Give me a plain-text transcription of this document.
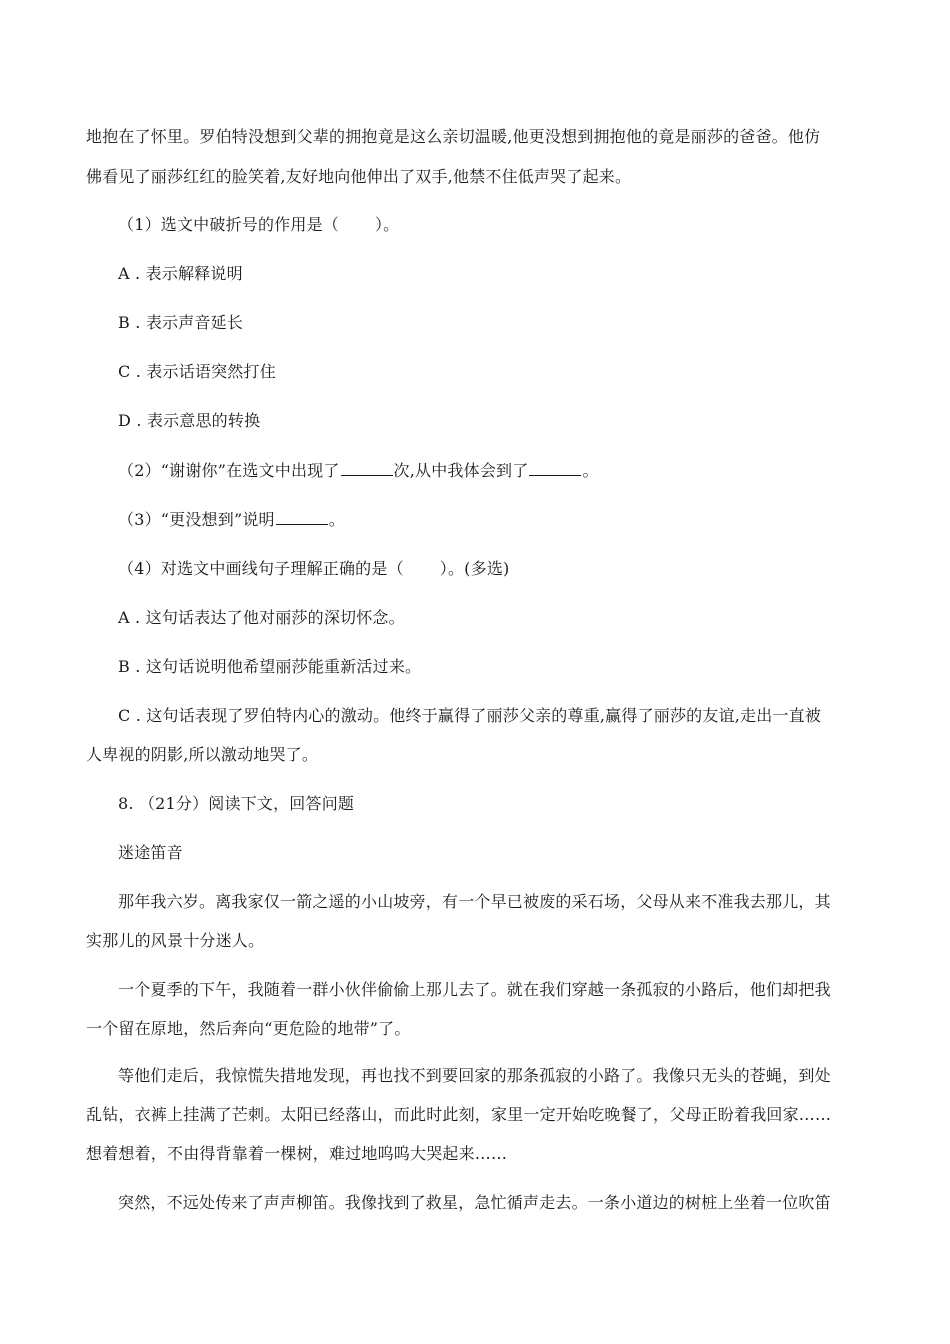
地抱在了怀里。罗伯特没想到父辈的拥抱竟是这么亲切温暖,他更没想到拥抱他的竟是丽莎的爸爸。他仿
佛看见了丽莎红红的脸笑着,友好地向他伸出了双手,他禁不住低声哭了起来。
（1）选文中破折号的作用是（ ）。
A . 表示解释说明
B . 表示声音延长
C . 表示话语突然打住
D . 表示意思的转换
（2）“谢谢你”在选文中出现了	次,从中我体会到了	。
（3）“更没想到”说明	。
（4）对选文中画线句子理解正确的是（ ）。(多选)
A . 这句话表达了他对丽莎的深切怀念。
B . 这句话说明他希望丽莎能重新活过来。
C . 这句话表现了罗伯特内心的激动。他终于赢得了丽莎父亲的尊重,赢得了丽莎的友谊,走出一直被
人卑视的阴影,所以激动地哭了。
8. （21分）阅读下文，回答问题
迷途笛音
那年我六岁。离我家仅一箭之遥的小山坡旁，有一个早已被废的采石场，父母从来不准我去那儿，其
实那儿的风景十分迷人。
一个夏季的下午，我随着一群小伙伴偷偷上那儿去了。就在我们穿越一条孤寂的小路后，他们却把我
一个留在原地，然后奔向“更危险的地带”了。
等他们走后，我惊慌失措地发现，再也找不到要回家的那条孤寂的小路了。我像只无头的苍蝇，到处
乱钻，衣裤上挂满了芒刺。太阳已经落山，而此时此刻，家里一定开始吃晚餐了，父母正盼着我回家……
想着想着，不由得背靠着一棵树，难过地呜呜大哭起来……
突然，不远处传来了声声柳笛。我像找到了救星，急忙循声走去。一条小道边的树桩上坐着一位吹笛
